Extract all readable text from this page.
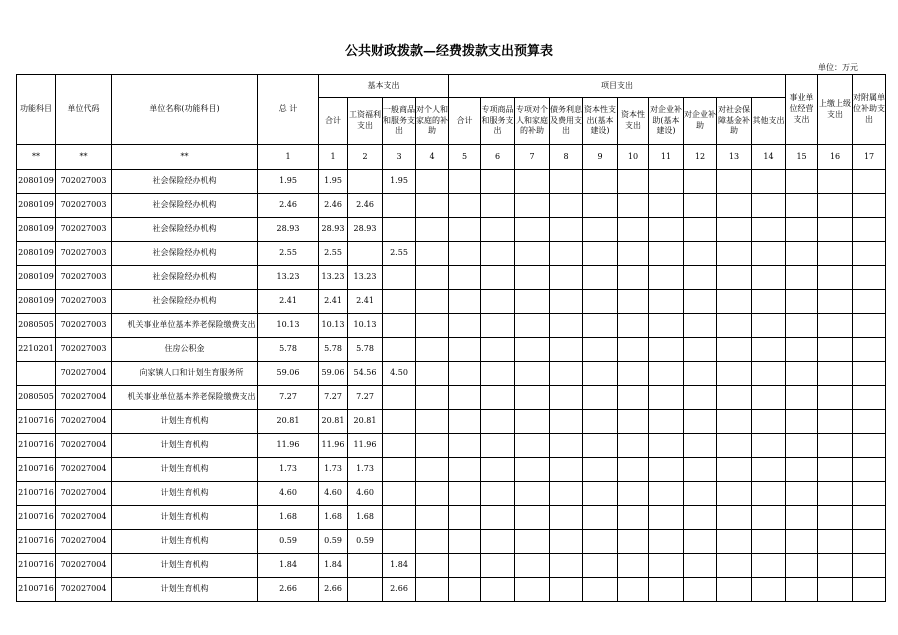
公共财政拨款—经费拨款支出预算表
单位：万元
功能科目	单位代码	单位名称(功能科目)	总 计	基本支出				项目支出										事业单位经营支出	上缴上级支出	对附属单位补助支出
				合计	工资福利支出	一般商品和服务支出	对个人和家庭的补助	合计	专项商品和服务支出	专项对个人和家庭的补助	债务利息及费用支出	资本性支出(基本建设)	资本性支出	对企业补助(基本建设)	对企业补助	对社会保障基金补助	其他支出			
**	**	**	1	1	2	3	4	5	6	7	8	9	10	11	12	13	14	15	16	17
2080109	702027003	社会保险经办机构	1.95	1.95		1.95														
2080109	702027003	社会保险经办机构	2.46	2.46	2.46															
2080109	702027003	社会保险经办机构	28.93	28.93	28.93															
2080109	702027003	社会保险经办机构	2.55	2.55		2.55														
2080109	702027003	社会保险经办机构	13.23	13.23	13.23															
2080109	702027003	社会保险经办机构	2.41	2.41	2.41															
2080505	702027003	机关事业单位基本养老保险缴费支出	10.13	10.13	10.13															
2210201	702027003	住房公积金	5.78	5.78	5.78															
	702027004	向家镇人口和计划生育服务所	59.06	59.06	54.56	4.50														
2080505	702027004	机关事业单位基本养老保险缴费支出	7.27	7.27	7.27															
2100716	702027004	计划生育机构	20.81	20.81	20.81															
2100716	702027004	计划生育机构	11.96	11.96	11.96															
2100716	702027004	计划生育机构	1.73	1.73	1.73															
2100716	702027004	计划生育机构	4.60	4.60	4.60															
2100716	702027004	计划生育机构	1.68	1.68	1.68															
2100716	702027004	计划生育机构	0.59	0.59	0.59															
2100716	702027004	计划生育机构	1.84	1.84		1.84														
2100716	702027004	计划生育机构	2.66	2.66		2.66														
